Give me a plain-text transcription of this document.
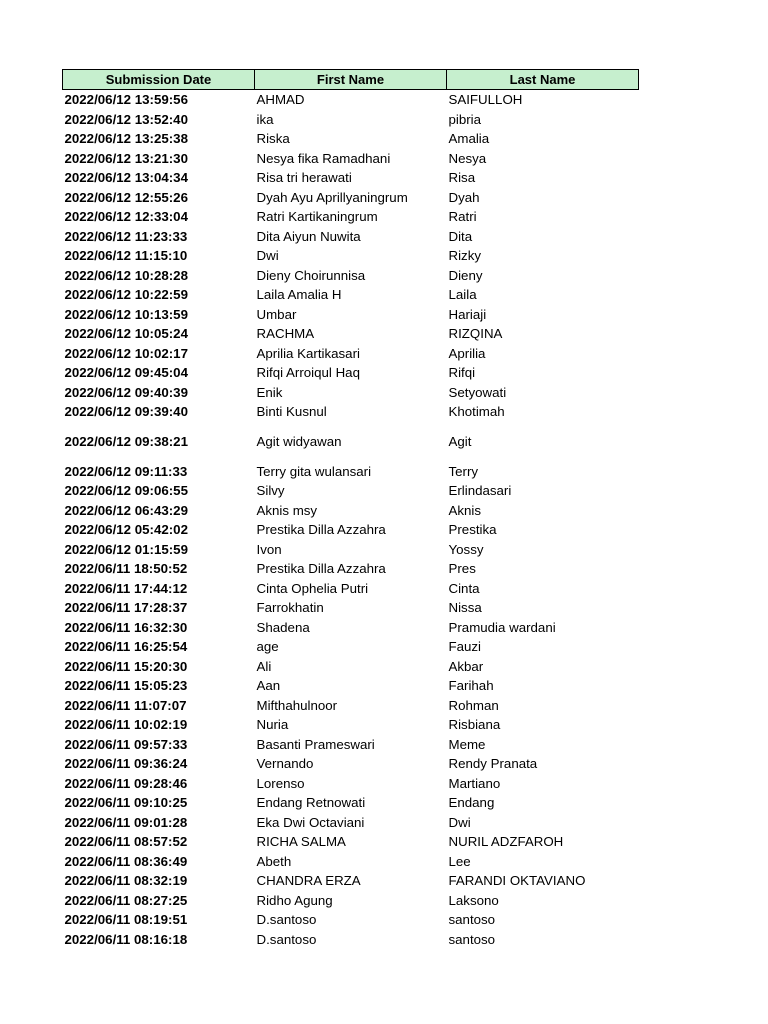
Submission Date	First Name	Last Name
2022/06/12 13:59:56	AHMAD	SAIFULLOH
2022/06/12 13:52:40	ika	pibria
2022/06/12 13:25:38	Riska	Amalia
2022/06/12 13:21:30	Nesya fika Ramadhani	Nesya
2022/06/12 13:04:34	Risa tri herawati	Risa
2022/06/12 12:55:26	Dyah Ayu Aprillyaningrum	Dyah
2022/06/12 12:33:04	Ratri Kartikaningrum	Ratri
2022/06/12 11:23:33	Dita Aiyun Nuwita	Dita
2022/06/12 11:15:10	Dwi	Rizky
2022/06/12 10:28:28	Dieny Choirunnisa	Dieny
2022/06/12 10:22:59	Laila Amalia H	Laila
2022/06/12 10:13:59	Umbar	Hariaji
2022/06/12 10:05:24	RACHMA	RIZQINA
2022/06/12 10:02:17	Aprilia Kartikasari	Aprilia
2022/06/12 09:45:04	Rifqi Arroiqul Haq	Rifqi
2022/06/12 09:40:39	Enik	Setyowati
2022/06/12 09:39:40	Binti Kusnul	Khotimah
2022/06/12 09:38:21	Agit widyawan	Agit
2022/06/12 09:11:33	Terry gita wulansari	Terry
2022/06/12 09:06:55	Silvy	Erlindasari
2022/06/12 06:43:29	Aknis msy	Aknis
2022/06/12 05:42:02	Prestika Dilla Azzahra	Prestika
2022/06/12 01:15:59	Ivon	Yossy
2022/06/11 18:50:52	Prestika Dilla Azzahra	Pres
2022/06/11 17:44:12	Cinta Ophelia Putri	Cinta
2022/06/11 17:28:37	Farrokhatin	Nissa
2022/06/11 16:32:30	Shadena	Pramudia wardani
2022/06/11 16:25:54	age	Fauzi
2022/06/11 15:20:30	Ali	Akbar
2022/06/11 15:05:23	Aan	Farihah
2022/06/11 11:07:07	Mifthahulnoor	Rohman
2022/06/11 10:02:19	Nuria	Risbiana
2022/06/11 09:57:33	Basanti Prameswari	Meme
2022/06/11 09:36:24	Vernando	Rendy Pranata
2022/06/11 09:28:46	Lorenso	Martiano
2022/06/11 09:10:25	Endang Retnowati	Endang
2022/06/11 09:01:28	Eka Dwi Octaviani	Dwi
2022/06/11 08:57:52	RICHA SALMA	NURIL ADZFAROH
2022/06/11 08:36:49	Abeth	Lee
2022/06/11 08:32:19	CHANDRA ERZA	FARANDI OKTAVIANO
2022/06/11 08:27:25	Ridho Agung	Laksono
2022/06/11 08:19:51	D.santoso	santoso
2022/06/11 08:16:18	D.santoso	santoso
